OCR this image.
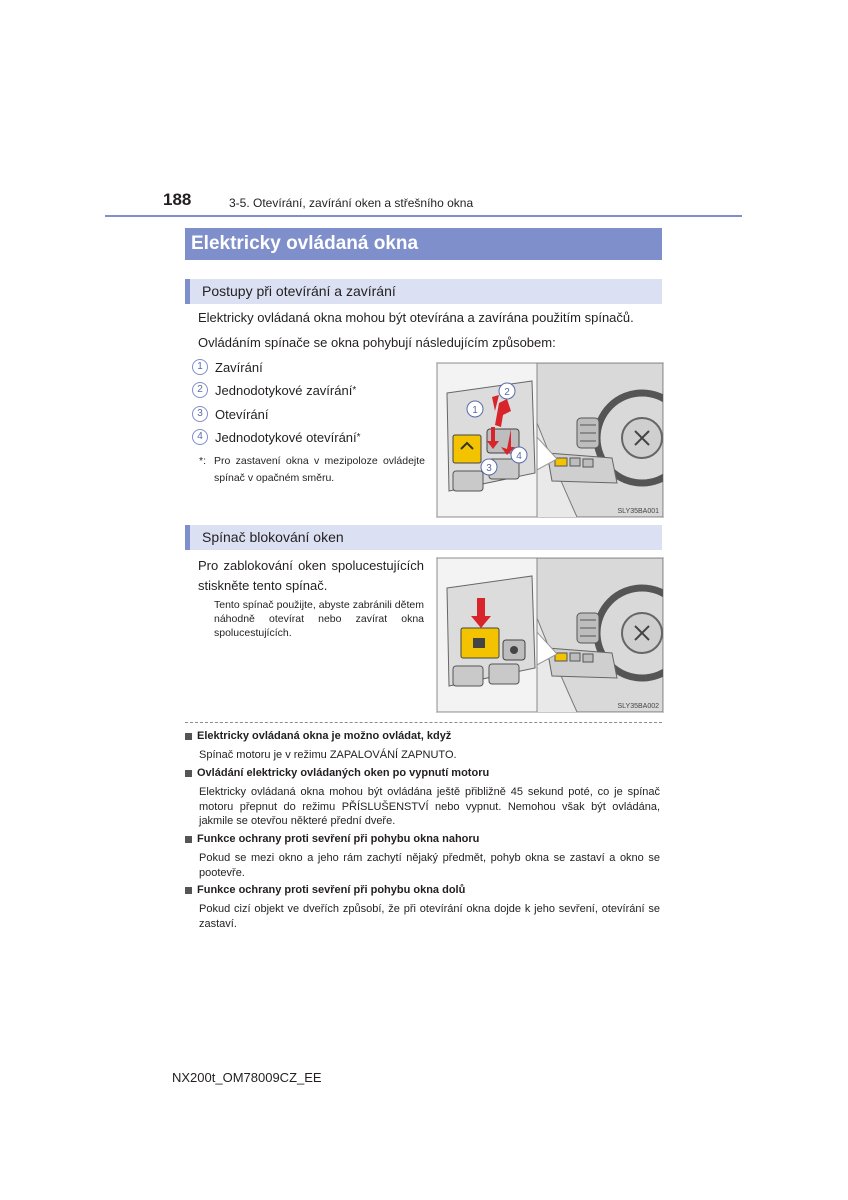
188	3-5. Otevírání, zavírání oken a střešního okna
Elektricky ovládaná okna
Postupy při otevírání a zavírání
Elektricky ovládaná okna mohou být otevírána a zavírána použitím spínačů.
Ovládáním spínače se okna pohybují následujícím způsobem:
1 Zavírání
2 Jednodotykové zavírání *
3 Otevírání
4 Jednodotykové otevírání *
*: Pro zastavení okna v mezipoloze ovládejte spínač v opačném směru.
1
2
3
4
SLY35BA001
Spínač blokování oken
Pro zablokování oken spolucestujících stiskněte tento spínač.
Tento spínač použijte, abyste zabránili dětem náhodně otevírat nebo zavírat okna spolucestujících.
SLY35BA002
Elektricky ovládaná okna je možno ovládat, když
Spínač motoru je v režimu ZAPALOVÁNÍ ZAPNUTO.
Ovládání elektricky ovládaných oken po vypnutí motoru
Elektricky ovládaná okna mohou být ovládána ještě přibližně 45 sekund poté, co je spínač motoru přepnut do režimu PŘÍSLUŠENSTVÍ nebo vypnut. Nemohou však být ovládána, jakmile se otevřou některé přední dveře.
Funkce ochrany proti sevření při pohybu okna nahoru
Pokud se mezi okno a jeho rám zachytí nějaký předmět, pohyb okna se zastaví a okno se pootevře.
Funkce ochrany proti sevření při pohybu okna dolů
Pokud cizí objekt ve dveřích způsobí, že při otevírání okna dojde k jeho sevření, otevírání se zastaví.
NX200t_OM78009CZ_EE
